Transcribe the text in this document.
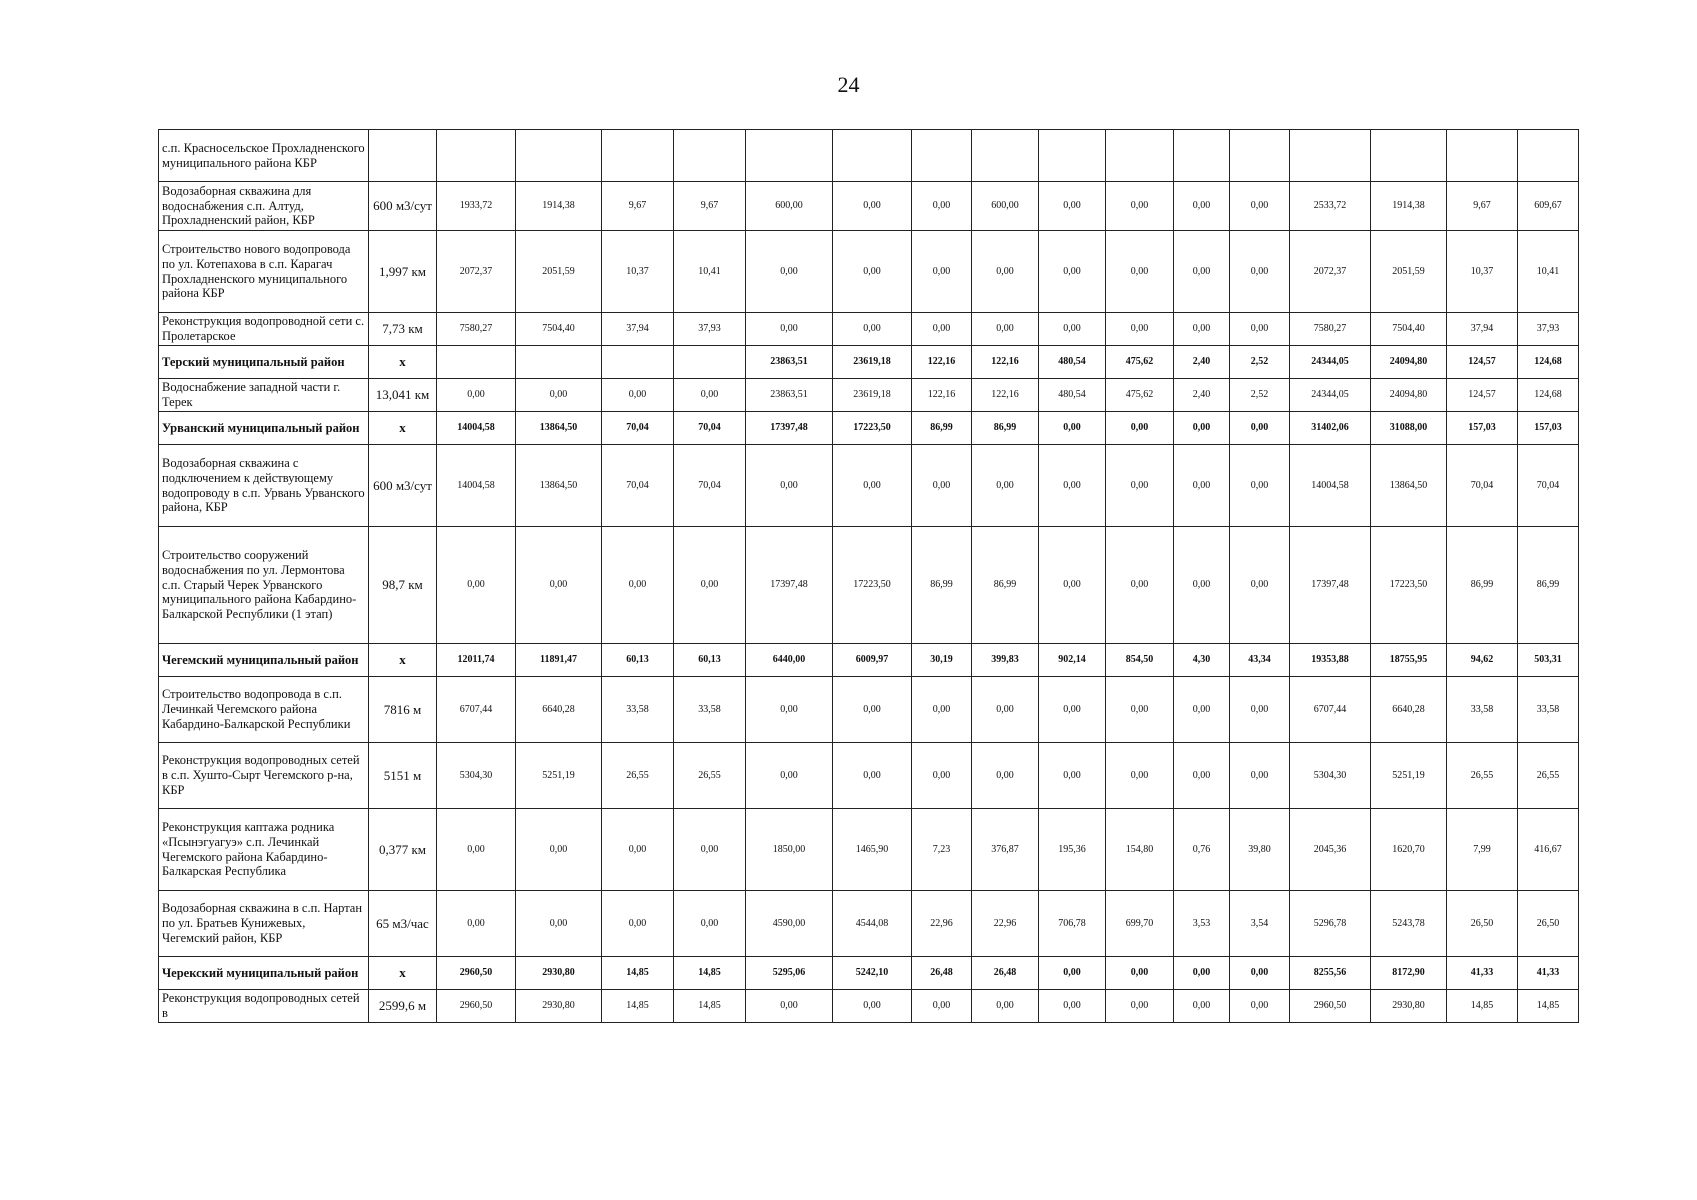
24
с.п. Красносельское Прохладненского муниципального района КБР																	
Водозаборная скважина для водоснабжения с.п. Алтуд, Прохладненский район, КБР	600 м3/сут	1933,72	1914,38	9,67	9,67	600,00	0,00	0,00	600,00	0,00	0,00	0,00	0,00	2533,72	1914,38	9,67	609,67
Строительство нового водопровода по ул. Котепахова в с.п. Карагач Прохладненского муниципального района КБР	1,997 км	2072,37	2051,59	10,37	10,41	0,00	0,00	0,00	0,00	0,00	0,00	0,00	0,00	2072,37	2051,59	10,37	10,41
Реконструкция водопроводной сети с. Пролетарское	7,73 км	7580,27	7504,40	37,94	37,93	0,00	0,00	0,00	0,00	0,00	0,00	0,00	0,00	7580,27	7504,40	37,94	37,93
Терский муниципальный район	х					23863,51	23619,18	122,16	122,16	480,54	475,62	2,40	2,52	24344,05	24094,80	124,57	124,68
Водоснабжение западной части г. Терек	13,041 км	0,00	0,00	0,00	0,00	23863,51	23619,18	122,16	122,16	480,54	475,62	2,40	2,52	24344,05	24094,80	124,57	124,68
Урванский муниципальный район	х	14004,58	13864,50	70,04	70,04	17397,48	17223,50	86,99	86,99	0,00	0,00	0,00	0,00	31402,06	31088,00	157,03	157,03
Водозаборная скважина с подключением к действующему водопроводу в с.п. Урвань Урванского района, КБР	600 м3/сут	14004,58	13864,50	70,04	70,04	0,00	0,00	0,00	0,00	0,00	0,00	0,00	0,00	14004,58	13864,50	70,04	70,04
Строительство сооружений водоснабжения по ул. Лермонтова с.п. Старый Черек Урванского муниципального района Кабардино-Балкарской Республики (1 этап)	98,7 км	0,00	0,00	0,00	0,00	17397,48	17223,50	86,99	86,99	0,00	0,00	0,00	0,00	17397,48	17223,50	86,99	86,99
Чегемский муниципальный район	х	12011,74	11891,47	60,13	60,13	6440,00	6009,97	30,19	399,83	902,14	854,50	4,30	43,34	19353,88	18755,95	94,62	503,31
Строительство водопровода в с.п. Лечинкай Чегемского района Кабардино-Балкарской Республики	7816 м	6707,44	6640,28	33,58	33,58	0,00	0,00	0,00	0,00	0,00	0,00	0,00	0,00	6707,44	6640,28	33,58	33,58
Реконструкция водопроводных сетей в с.п. Хушто-Сырт Чегемского р-на, КБР	5151 м	5304,30	5251,19	26,55	26,55	0,00	0,00	0,00	0,00	0,00	0,00	0,00	0,00	5304,30	5251,19	26,55	26,55
Реконструкция каптажа родника «Псынэгуагуэ» с.п. Лечинкай Чегемского района Кабардино-Балкарская Республика	0,377 км	0,00	0,00	0,00	0,00	1850,00	1465,90	7,23	376,87	195,36	154,80	0,76	39,80	2045,36	1620,70	7,99	416,67
Водозаборная скважина в с.п. Нартан по ул. Братьев Кунижевых, Чегемский район, КБР	65 м3/час	0,00	0,00	0,00	0,00	4590,00	4544,08	22,96	22,96	706,78	699,70	3,53	3,54	5296,78	5243,78	26,50	26,50
Черекский муниципальный район	х	2960,50	2930,80	14,85	14,85	5295,06	5242,10	26,48	26,48	0,00	0,00	0,00	0,00	8255,56	8172,90	41,33	41,33
Реконструкция водопроводных сетей в	2599,6 м	2960,50	2930,80	14,85	14,85	0,00	0,00	0,00	0,00	0,00	0,00	0,00	0,00	2960,50	2930,80	14,85	14,85
